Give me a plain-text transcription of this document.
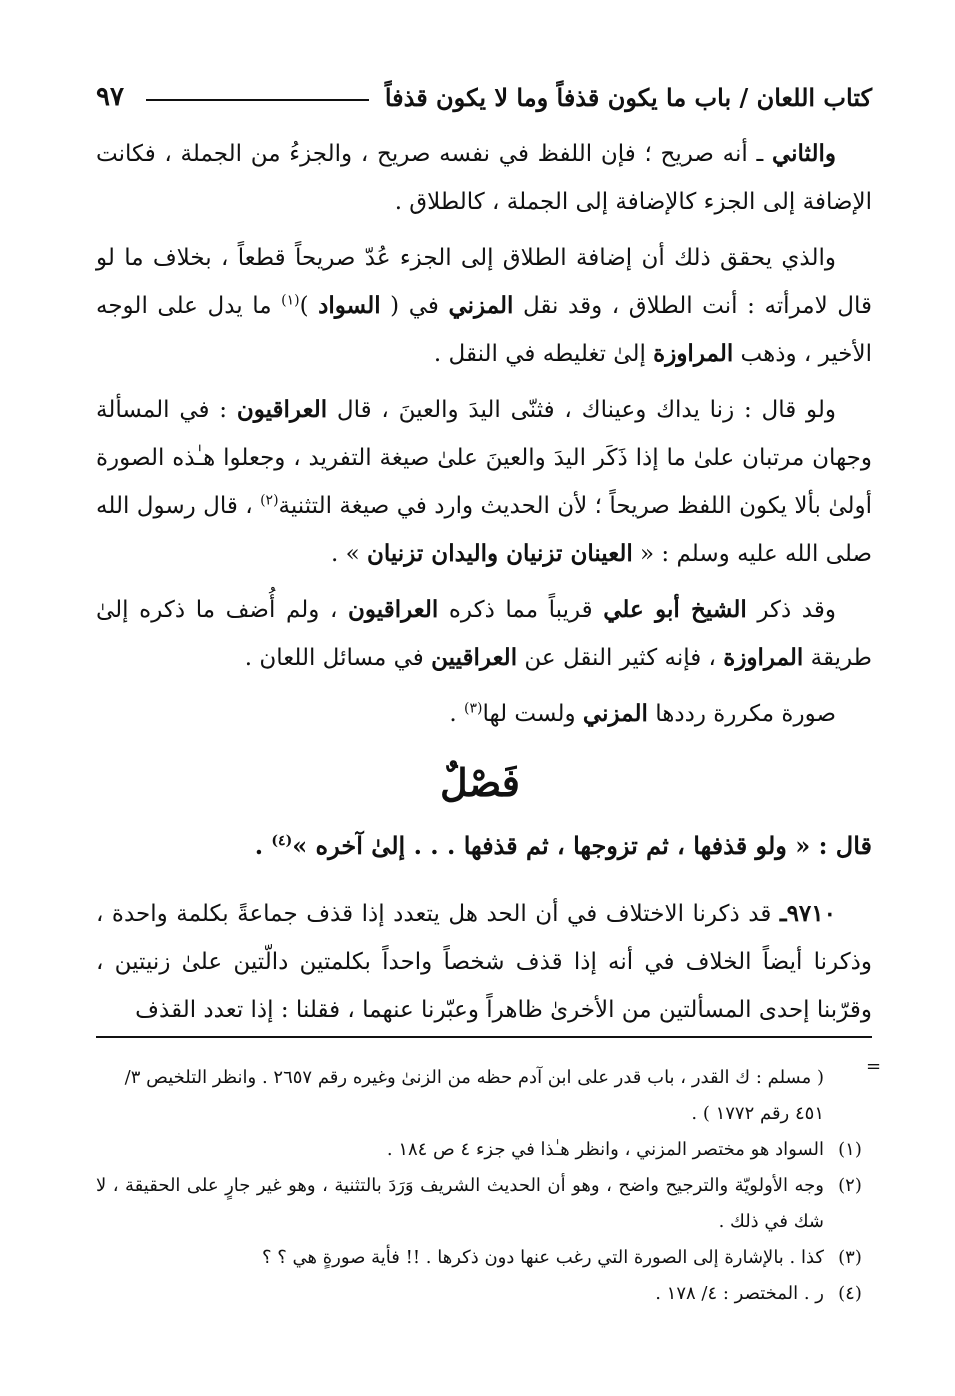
كتاب اللعان / باب ما يكون قذفاً وما لا يكون قذفاً
٩٧

والثاني ـ أنه صريح ؛ فإن اللفظ في نفسه صريح ، والجزءُ من الجملة ، فكانت الإضافة إلى الجزء كالإضافة إلى الجملة ، كالطلاق .

والذي يحقق ذلك أن إضافة الطلاق إلى الجزء عُدّ صريحاً قطعاً ، بخلاف ما لو قال لامرأته : أنت الطلاق ، وقد نقل المزني في ( السواد )$^{(١)}$ ما يدل على الوجه الأخير ، وذهب المراوزة إلىٰ تغليطه في النقل .

ولو قال : زنا يداك وعيناك ، فثنّى اليدَ والعينَ ، قال العراقيون : في المسألة وجهان مرتبان علىٰ ما إذا ذَكَر اليدَ والعينَ علىٰ صيغة التفريد ، وجعلوا هـٰذه الصورة أولىٰ بألا يكون اللفظ صريحاً ؛ لأن الحديث وارد في صيغة التثنية$^{(٢)}$ ، قال رسول الله صلى الله عليه وسلم : « العينان تزنيان واليدان تزنيان » .

وقد ذكر الشيخ أبو علي قريباً مما ذكره العراقيون ، ولم أُضف ما ذكره إلىٰ طريقة المراوزة ، فإنه كثير النقل عن العراقيين في مسائل اللعان .

صورة مكررة رددها المزني ولست لها$^{(٣)}$ .

فَصْلٌ
قال : « ولو قذفها ، ثم تزوجها ، ثم قذفها . . . إلىٰ آخره »$^{(٤)}$ .

٩٧١٠ـ قد ذكرنا الاختلاف في أن الحد هل يتعدد إذا قذف جماعةً بكلمة واحدة ، وذكرنا أيضاً الخلاف في أنه إذا قذف شخصاً واحداً بكلمتين دالّتين علىٰ زنيتين ، وقرّبنا إحدى المسألتين من الأخرىٰ ظاهراً وعبّرنا عنهما ، فقلنا : إذا تعدد القذف

=
( مسلم : ك القدر ، باب قدر على ابن آدم حظه من الزنىٰ وغيره رقم ٢٦٥٧ . وانظر التلخيص ٣/ ٤٥١ رقم ١٧٧٢ ) .
(١)
السواد هو مختصر المزني ، وانظر هـٰذا في جزء ٤ ص ١٨٤ .
(٢)
وجه الأولويّة والترجيح واضح ، وهو أن الحديث الشريف وَرَدَ بالتثنية ، وهو غير جارٍ على الحقيقة ، لا شك في ذلك .
(٣)
كذا . بالإشارة إلى الصورة التي رغب عنها دون ذكرها . !! فأية صورةٍ هي ؟ ؟
(٤)
ر . المختصر : ٤/ ١٧٨ .
